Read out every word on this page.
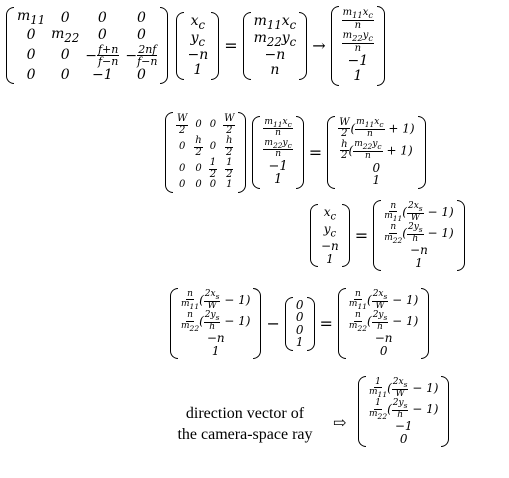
$m_{11}$	0	0	0
0	$m_{22}$	0	0
0	0	− $\frac{f+n}{f-n}$	− $\frac{2nf}{f-n}$

0	0	−1	0
$x_c$
$y_c$
−n
1
=
$m_{11}x_c$
$m_{22}y_c$
−n
n
→
$\frac{m_{11}x_c}{n}$

$\frac{m_{22}y_c}{n}$

−1
1
$\frac{W}{2}$	0	0	$\frac{W}{2}$

0	$\frac{h}{2}$	0	$\frac{h}{2}$

0	0	$\frac{1}{2}$	$\frac{1}{2}$

0	0	0	1
$\frac{m_{11}x_c}{n}$

$\frac{m_{22}y_c}{n}$

−1
1
=
$\frac{W}{2}$ ( $\frac{m_{11}x_c}{n} + 1$)

$\frac{h}{2}$ ( $\frac{m_{22}y_c}{n} + 1$)
0
1
$x_c$
$y_c$
−n
1
=
$\frac{n}{m_{11}}$ ( $\frac{2x_s}{W} - 1$)

$\frac{n}{m_{22}}$ ( $\frac{2y_s}{h} - 1$)
−n
1
$\frac{n}{m_{11}}$ ( $\frac{2x_s}{W} - 1$)

$\frac{n}{m_{22}}$ ( $\frac{2y_s}{h} - 1$)
−n
1
−
0
0
0
1
=
$\frac{n}{m_{11}}$ ( $\frac{2x_s}{W} - 1$)

$\frac{n}{m_{22}}$ ( $\frac{2y_s}{h} - 1$)
−n
0
direction vector of
the camera-space ray
⇨
$\frac{1}{m_{11}}$ ( $\frac{2x_s}{W} - 1$)

$\frac{1}{m_{22}}$ ( $\frac{2y_s}{h} - 1$)
−1
0
